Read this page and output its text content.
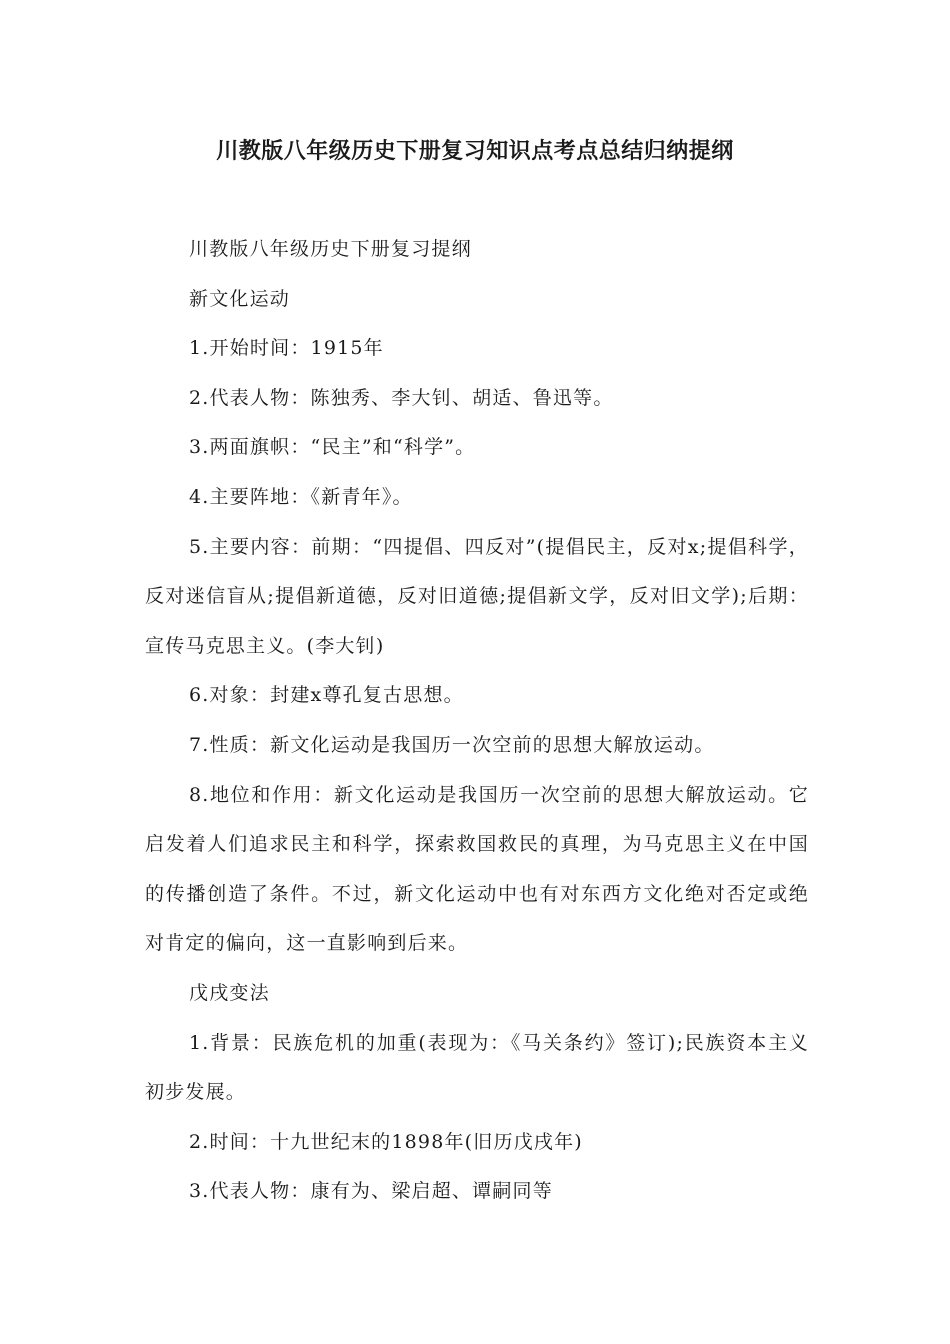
川教版八年级历史下册复习知识点考点总结归纳提纲

川教版八年级历史下册复习提纲

新文化运动

1.开始时间：1915年

2.代表人物：陈独秀、李大钊、胡适、鲁迅等。

3.两面旗帜：“民主”和“科学”。

4.主要阵地：《新青年》。

5.主要内容：前期：“四提倡、四反对”(提倡民主，反对x;提倡科学，反对迷信盲从;提倡新道德，反对旧道德;提倡新文学，反对旧文学);后期：宣传马克思主义。(李大钊)

6.对象：封建x尊孔复古思想。

7.性质：新文化运动是我国历一次空前的思想大解放运动。

8.地位和作用：新文化运动是我国历一次空前的思想大解放运动。它启发着人们追求民主和科学，探索救国救民的真理，为马克思主义在中国的传播创造了条件。不过，新文化运动中也有对东西方文化绝对否定或绝对肯定的偏向，这一直影响到后来。

戊戌变法

1.背景：民族危机的加重(表现为：《马关条约》签订);民族资本主义初步发展。

2.时间：十九世纪末的1898年(旧历戊戌年)

3.代表人物：康有为、梁启超、谭嗣同等
